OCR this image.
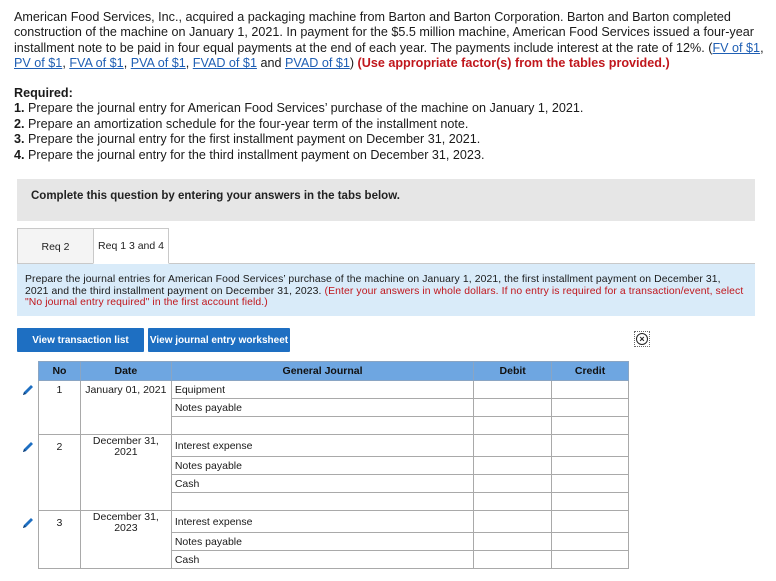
American Food Services, Inc., acquired a packaging machine from Barton and Barton Corporation. Barton and Barton completed construction of the machine on January 1, 2021. In payment for the $5.5 million machine, American Food Services issued a four-year installment note to be paid in four equal payments at the end of each year. The payments include interest at the rate of 12%. (FV of $1, PV of $1, FVA of $1, PVA of $1, FVAD of $1 and PVAD of $1) (Use appropriate factor(s) from the tables provided.)
Required:
1. Prepare the journal entry for American Food Services’ purchase of the machine on January 1, 2021.
2. Prepare an amortization schedule for the four-year term of the installment note.
3. Prepare the journal entry for the first installment payment on December 31, 2021.
4. Prepare the journal entry for the third installment payment on December 31, 2023.
Complete this question by entering your answers in the tabs below.
Req 2	Req 1 3 and 4

Prepare the journal entries for American Food Services’ purchase of the machine on January 1, 2021, the first installment payment on December 31, 2021 and the third installment payment on December 31, 2023. (Enter your answers in whole dollars. If no entry is required for a transaction/event, select "No journal entry required" in the first account field.)

View transaction list	View journal entry worksheet	×
No	Date	General Journal	Debit	Credit
1	January 01, 2021	Equipment		
		Notes payable		

2	December 31, 2021	Interest expense		
		Notes payable		
		Cash		

3	December 31, 2023	Interest expense		
		Notes payable		
		Cash		
